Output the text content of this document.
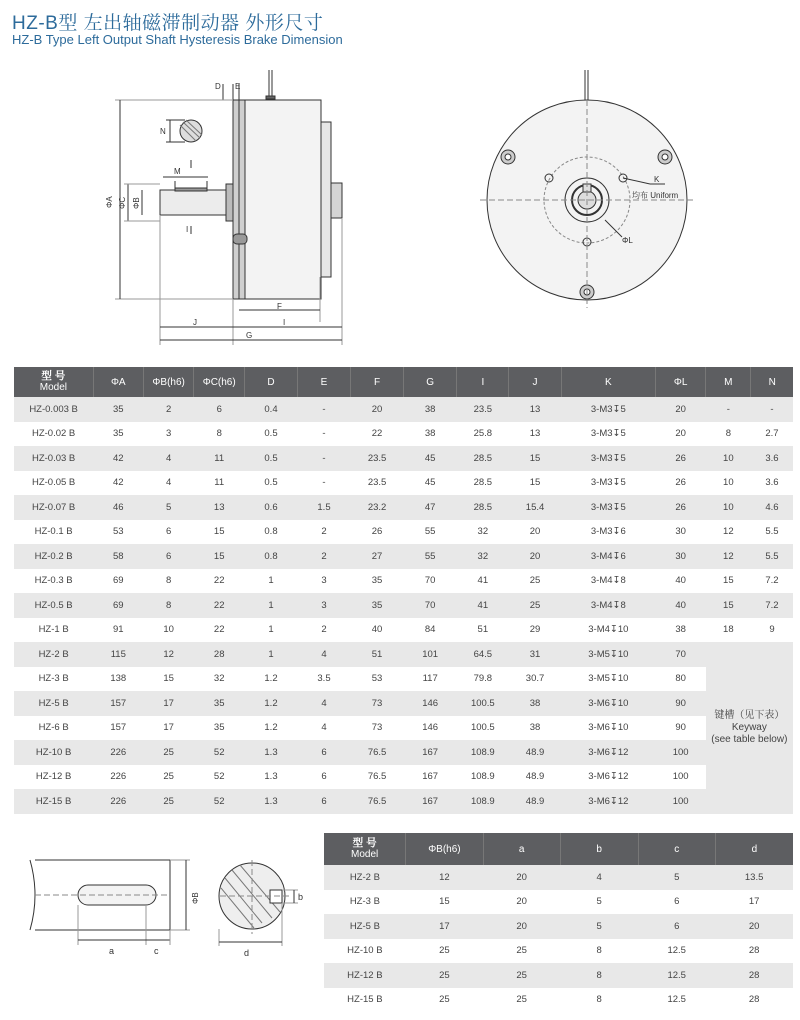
HZ-B型 左出轴磁滞制动器 外形尺寸
HZ-B Type Left Output Shaft Hysteresis Brake Dimension
D E
N
M
F
J	I
G
I
ΦA ΦC ΦB
K
均布 Uniform
ΦL
型 号
Model	ΦA	ΦB(h6)	ΦC(h6)	D	E	F	G	I	J	K	ΦL	M	N
HZ-0.003 B	35	2	6	0.4	-	20	38	23.5	13	3-M3↧5	20	-	-
HZ-0.02 B	35	3	8	0.5	-	22	38	25.8	13	3-M3↧5	20	8	2.7
HZ-0.03 B	42	4	11	0.5	-	23.5	45	28.5	15	3-M3↧5	26	10	3.6
HZ-0.05 B	42	4	11	0.5	-	23.5	45	28.5	15	3-M3↧5	26	10	3.6
HZ-0.07 B	46	5	13	0.6	1.5	23.2	47	28.5	15.4	3-M3↧5	26	10	4.6
HZ-0.1 B	53	6	15	0.8	2	26	55	32	20	3-M3↧6	30	12	5.5
HZ-0.2 B	58	6	15	0.8	2	27	55	32	20	3-M4↧6	30	12	5.5
HZ-0.3 B	69	8	22	1	3	35	70	41	25	3-M4↧8	40	15	7.2
HZ-0.5 B	69	8	22	1	3	35	70	41	25	3-M4↧8	40	15	7.2
HZ-1 B	91	10	22	1	2	40	84	51	29	3-M4↧10	38	18	9
HZ-2 B	115	12	28	1	4	51	101	64.5	31	3-M5↧10	70	键槽（见下表）
Keyway
(see table below)	

HZ-3 B	138	15	32	1.2	3.5	53	117	79.8	30.7	3-M5↧10	80		
HZ-5 B	157	17	35	1.2	4	73	146	100.5	38	3-M6↧10	90		
HZ-6 B	157	17	35	1.2	4	73	146	100.5	38	3-M6↧10	90		
HZ-10 B	226	25	52	1.3	6	76.5	167	108.9	48.9	3-M6↧12	100		
HZ-12 B	226	25	52	1.3	6	76.5	167	108.9	48.9	3-M6↧12	100		
HZ-15 B	226	25	52	1.3	6	76.5	167	108.9	48.9	3-M6↧12	100		
a	c	d
b
ΦB
型 号
Model	ΦB(h6)	a	b	c	d
HZ-2 B	12	20	4	5	13.5
HZ-3 B	15	20	5	6	17
HZ-5 B	17	20	5	6	20
HZ-10 B	25	25	8	12.5	28
HZ-12 B	25	25	8	12.5	28
HZ-15 B	25	25	8	12.5	28
